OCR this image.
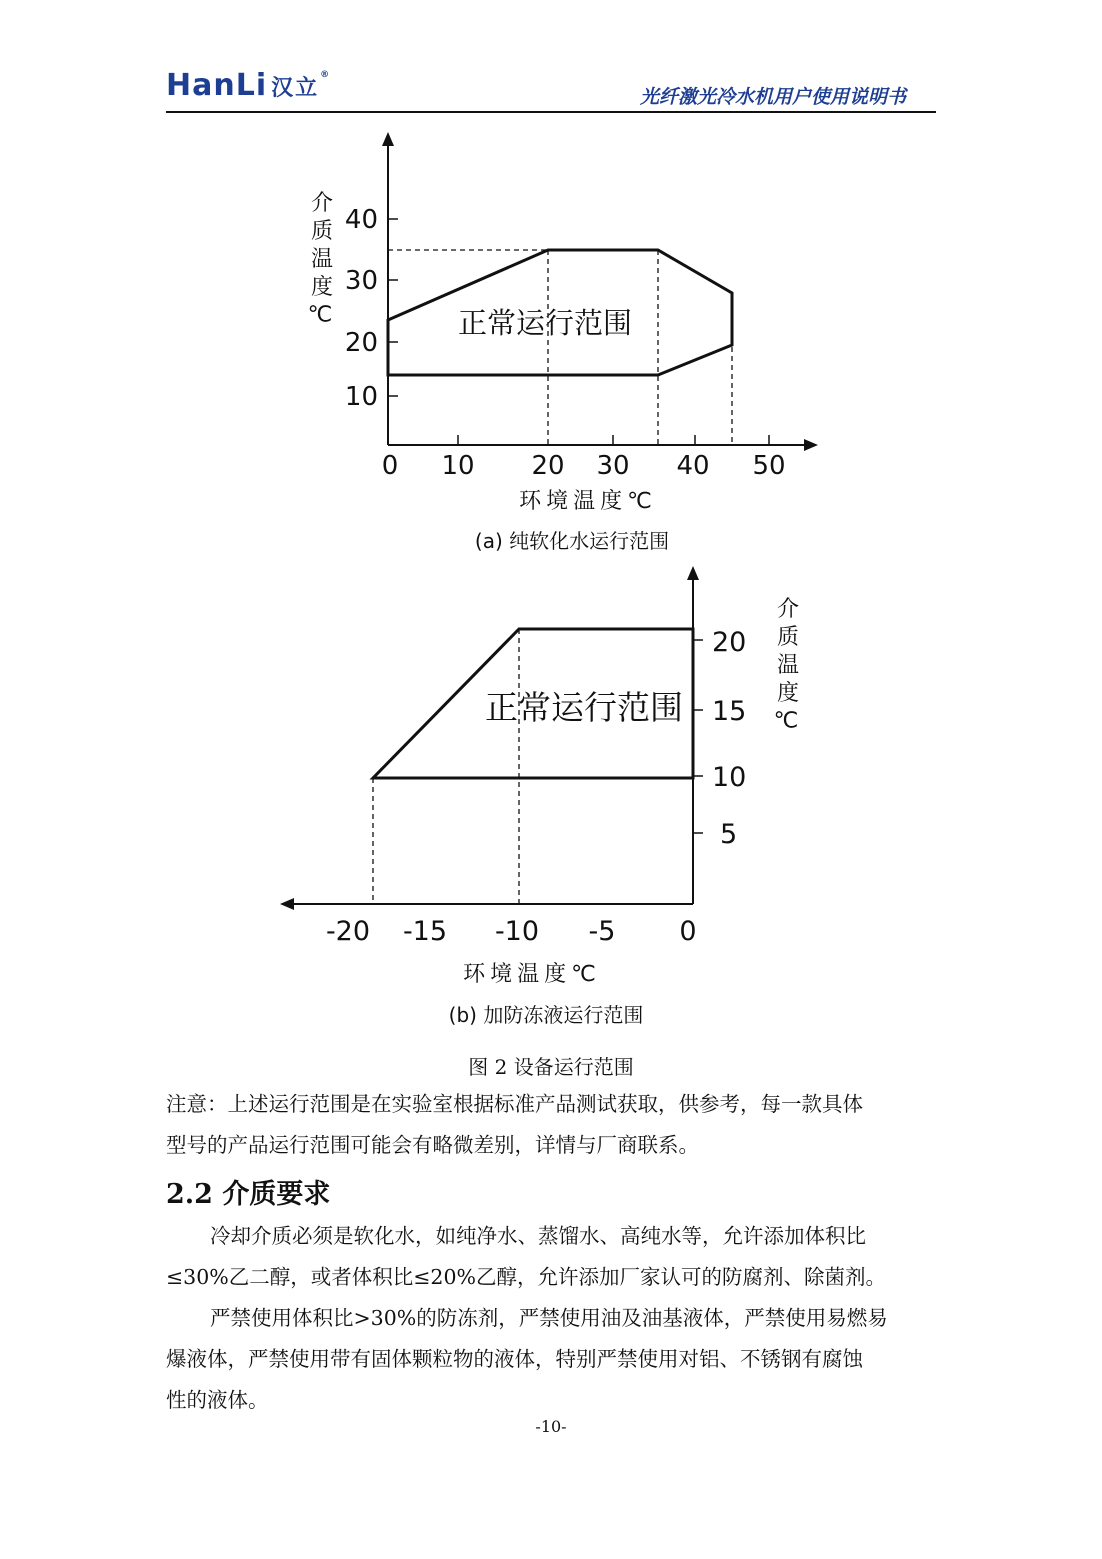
HanLi 汉立®
光纤激光冷水机用户使用说明书
正常运行范围
40
30
20
10
0 10 20 30 40 50
环境温度℃
介质温度℃
正常运行范围
20
15
10
5
-20 -15 -10 -5 0
环境温度℃
介质温度℃
(a) 纯软化水运行范围
(b) 加防冻液运行范围
图 2 设备运行范围
注意：上述运行范围是在实验室根据标准产品测试获取，供参考，每一款具体
型号的产品运行范围可能会有略微差别，详情与厂商联系。
2.2 介质要求
冷却介质必须是软化水，如纯净水、蒸馏水、高纯水等，允许添加体积比
≤30%乙二醇，或者体积比≤20%乙醇，允许添加厂家认可的防腐剂、除菌剂。
严禁使用体积比>30%的防冻剂，严禁使用油及油基液体，严禁使用易燃易
爆液体，严禁使用带有固体颗粒物的液体，特别严禁使用对铝、不锈钢有腐蚀
性的液体。
-10-
